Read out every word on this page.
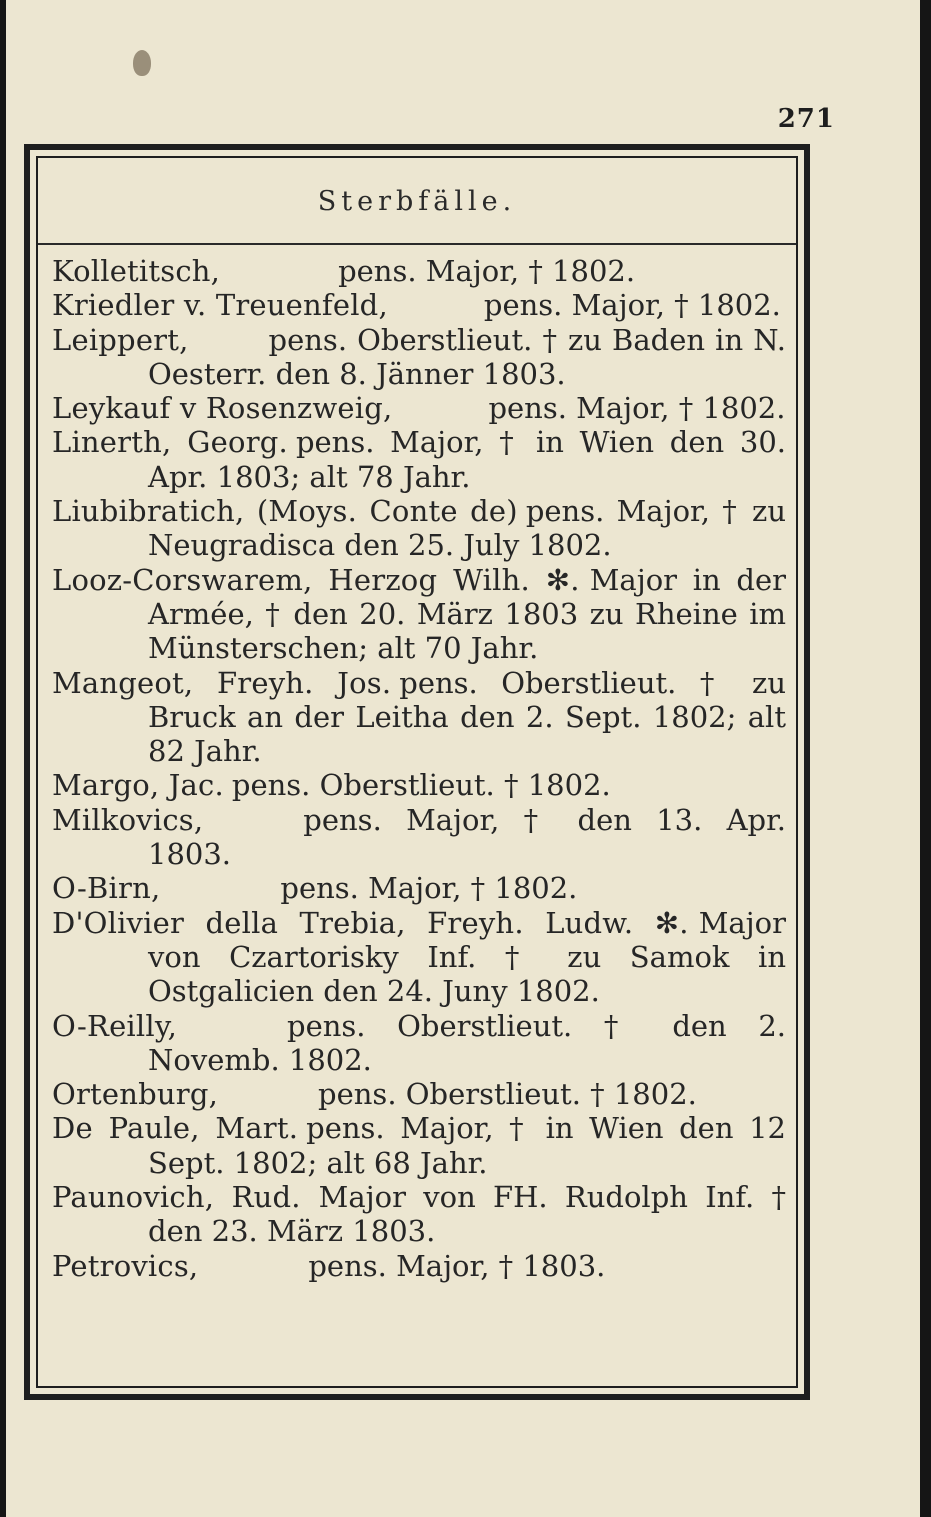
271
Sterbfälle.
Kolletitsch,	pens. Major, † 1802.
Kriedler v. Treuenfeld,	pens. Major, † 1802.
Leippert,	pens. Oberstlieut. † zu Baden in N. Oesterr. den 8. Jänner 1803.
Leykauf v Rosenzweig,	pens. Major, † 1802.
Linerth, Georg. pens. Major, † in Wien den 30. Apr. 1803; alt 78 Jahr.
Liubibratich, (Moys. Conte de) pens. Major, † zu Neugradisca den 25. July 1802.
Looz-Corswarem, Herzog Wilh. ✻. Major in der Armée, † den 20. März 1803 zu Rheine im Münsterschen; alt 70 Jahr.
Mangeot, Freyh. Jos. pens. Oberstlieut. † zu Bruck an der Leitha den 2. Sept. 1802; alt 82 Jahr.
Margo, Jac. pens. Oberstlieut. † 1802.
Milkovics,	pens. Major, † den 13. Apr. 1803.
O-Birn,	pens. Major, † 1802.
D'Olivier della Trebia, Freyh. Ludw. ✻. Major von Czartorisky Inf. † zu Samok in Ostgalicien den 24. Juny 1802.
O-Reilly,	pens. Oberstlieut. † den 2. Novemb. 1802.
Ortenburg,	pens. Oberstlieut. † 1802.
De Paule, Mart. pens. Major, † in Wien den 12 Sept. 1802; alt 68 Jahr.
Paunovich, Rud. Major von FH. Rudolph Inf. † den 23. März 1803.
Petrovics,	pens. Major, † 1803.
